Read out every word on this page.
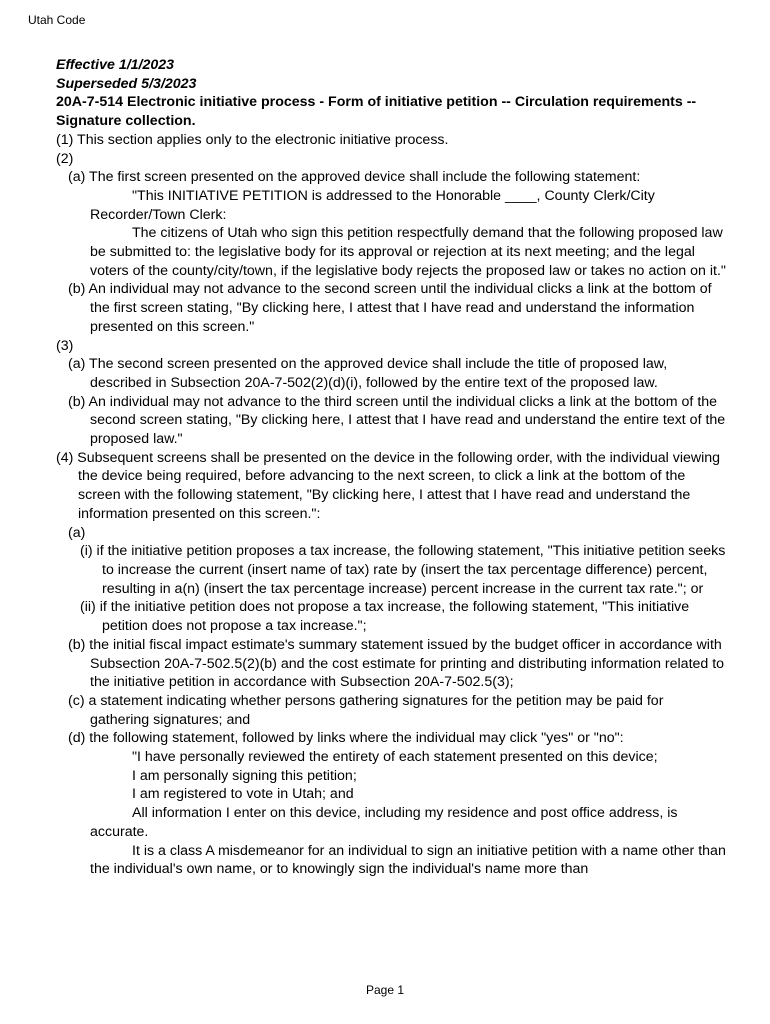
Utah Code

Effective 1/1/2023

Superseded 5/3/2023

20A-7-514 Electronic initiative process - Form of initiative petition -- Circulation requirements -- Signature collection.

(1) This section applies only to the electronic initiative process.

(2)

(a) The first screen presented on the approved device shall include the following statement:

"This INITIATIVE PETITION is addressed to the Honorable ____, County Clerk/City Recorder/Town Clerk:

The citizens of Utah who sign this petition respectfully demand that the following proposed law be submitted to: the legislative body for its approval or rejection at its next meeting; and the legal voters of the county/city/town, if the legislative body rejects the proposed law or takes no action on it."

(b) An individual may not advance to the second screen until the individual clicks a link at the bottom of the first screen stating, "By clicking here, I attest that I have read and understand the information presented on this screen."

(3)

(a) The second screen presented on the approved device shall include the title of proposed law, described in Subsection 20A-7-502(2)(d)(i), followed by the entire text of the proposed law.

(b) An individual may not advance to the third screen until the individual clicks a link at the bottom of the second screen stating, "By clicking here, I attest that I have read and understand the entire text of the proposed law."

(4) Subsequent screens shall be presented on the device in the following order, with the individual viewing the device being required, before advancing to the next screen, to click a link at the bottom of the screen with the following statement, "By clicking here, I attest that I have read and understand the information presented on this screen.":

(a)

(i) if the initiative petition proposes a tax increase, the following statement, "This initiative petition seeks to increase the current (insert name of tax) rate by (insert the tax percentage difference) percent, resulting in a(n) (insert the tax percentage increase) percent increase in the current tax rate."; or

(ii) if the initiative petition does not propose a tax increase, the following statement, "This initiative petition does not propose a tax increase.";

(b) the initial fiscal impact estimate's summary statement issued by the budget officer in accordance with Subsection 20A-7-502.5(2)(b) and the cost estimate for printing and distributing information related to the initiative petition in accordance with Subsection 20A-7-502.5(3);

(c) a statement indicating whether persons gathering signatures for the petition may be paid for gathering signatures; and

(d) the following statement, followed by links where the individual may click "yes" or "no":

"I have personally reviewed the entirety of each statement presented on this device;

I am personally signing this petition;

I am registered to vote in Utah; and

All information I enter on this device, including my residence and post office address, is accurate.

It is a class A misdemeanor for an individual to sign an initiative petition with a name other than the individual's own name, or to knowingly sign the individual's name more than

Page 1
